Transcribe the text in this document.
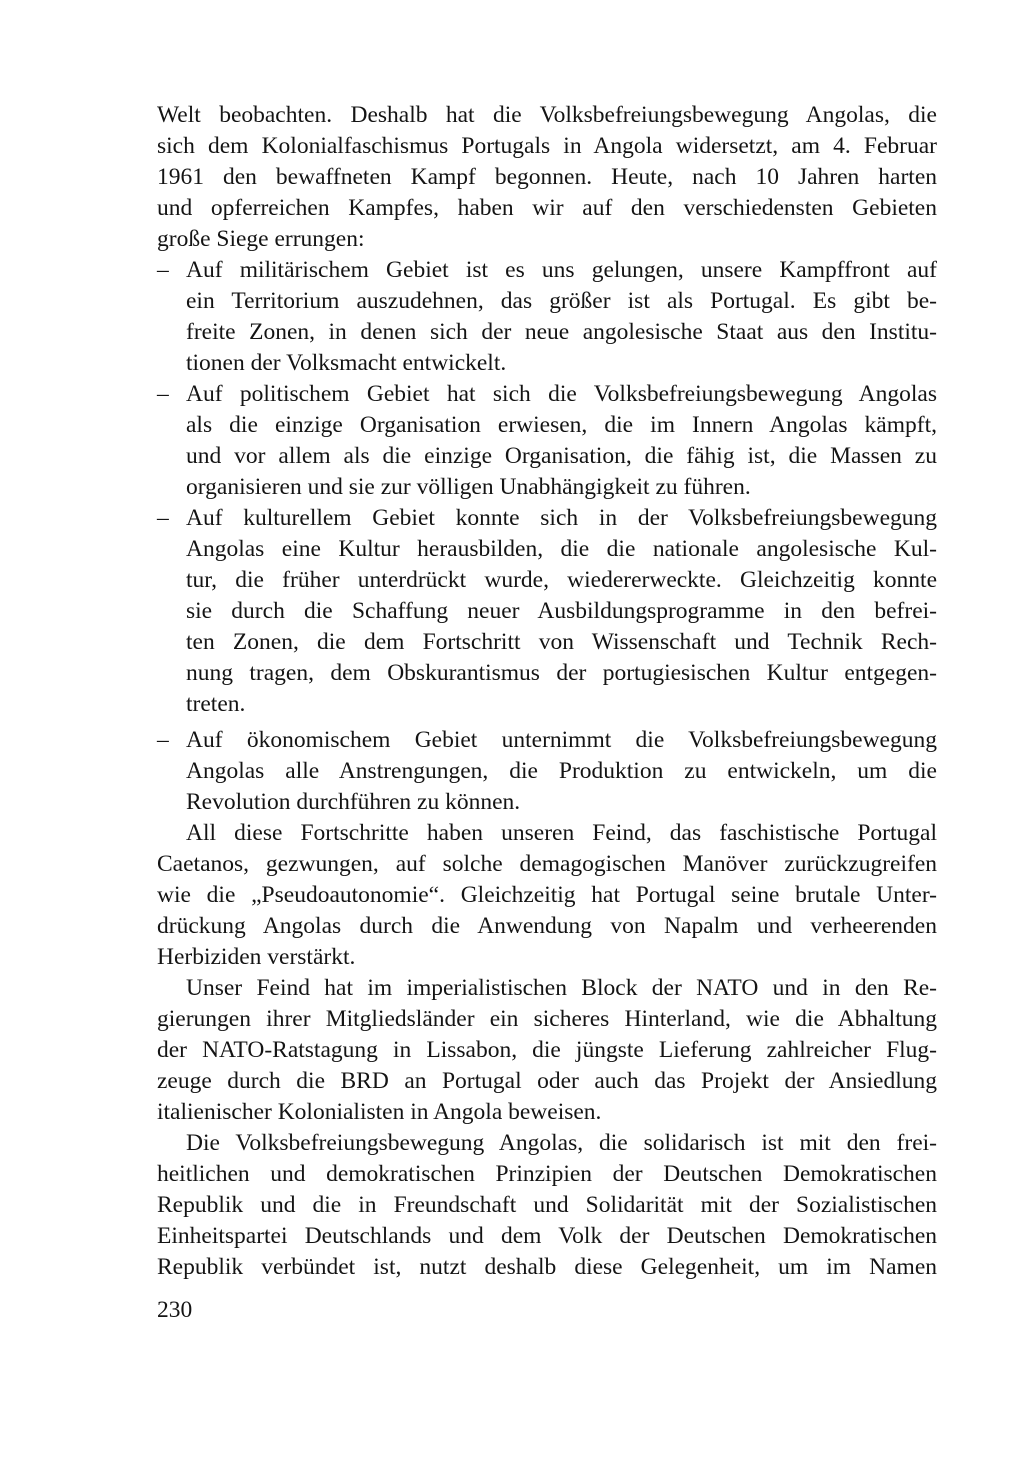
Welt beobachten. Deshalb hat die Volksbefreiungsbewegung Angolas, die
sich dem Kolonialfaschismus Portugals in Angola widersetzt, am 4. Februar
1961 den bewaffneten Kampf begonnen. Heute, nach 10 Jahren harten
und opferreichen Kampfes, haben wir auf den verschiedensten Gebieten
große Siege errungen:
– Auf militärischem Gebiet ist es uns gelungen, unsere Kampffront auf
ein Territorium auszudehnen, das größer ist als Portugal. Es gibt be-
freite Zonen, in denen sich der neue angolesische Staat aus den Institu-
tionen der Volksmacht entwickelt.
– Auf politischem Gebiet hat sich die Volksbefreiungsbewegung Angolas
als die einzige Organisation erwiesen, die im Innern Angolas kämpft,
und vor allem als die einzige Organisation, die fähig ist, die Massen zu
organisieren und sie zur völligen Unabhängigkeit zu führen.
– Auf kulturellem Gebiet konnte sich in der Volksbefreiungsbewegung
Angolas eine Kultur herausbilden, die die nationale angolesische Kul-
tur, die früher unterdrückt wurde, wiedererweckte. Gleichzeitig konnte
sie durch die Schaffung neuer Ausbildungsprogramme in den befrei-
ten Zonen, die dem Fortschritt von Wissenschaft und Technik Rech-
nung tragen, dem Obskurantismus der portugiesischen Kultur entgegen-
treten.
– Auf ökonomischem Gebiet unternimmt die Volksbefreiungsbewegung
Angolas alle Anstrengungen, die Produktion zu entwickeln, um die
Revolution durchführen zu können.
All diese Fortschritte haben unseren Feind, das faschistische Portugal
Caetanos, gezwungen, auf solche demagogischen Manöver zurückzugreifen
wie die „Pseudoautonomie“. Gleichzeitig hat Portugal seine brutale Unter-
drückung Angolas durch die Anwendung von Napalm und verheerenden
Herbiziden verstärkt.
Unser Feind hat im imperialistischen Block der NATO und in den Re-
gierungen ihrer Mitgliedsländer ein sicheres Hinterland, wie die Abhaltung
der NATO-Ratstagung in Lissabon, die jüngste Lieferung zahlreicher Flug-
zeuge durch die BRD an Portugal oder auch das Projekt der Ansiedlung
italienischer Kolonialisten in Angola beweisen.
Die Volksbefreiungsbewegung Angolas, die solidarisch ist mit den frei-
heitlichen und demokratischen Prinzipien der Deutschen Demokratischen
Republik und die in Freundschaft und Solidarität mit der Sozialistischen
Einheitspartei Deutschlands und dem Volk der Deutschen Demokratischen
Republik verbündet ist, nutzt deshalb diese Gelegenheit, um im Namen
230
